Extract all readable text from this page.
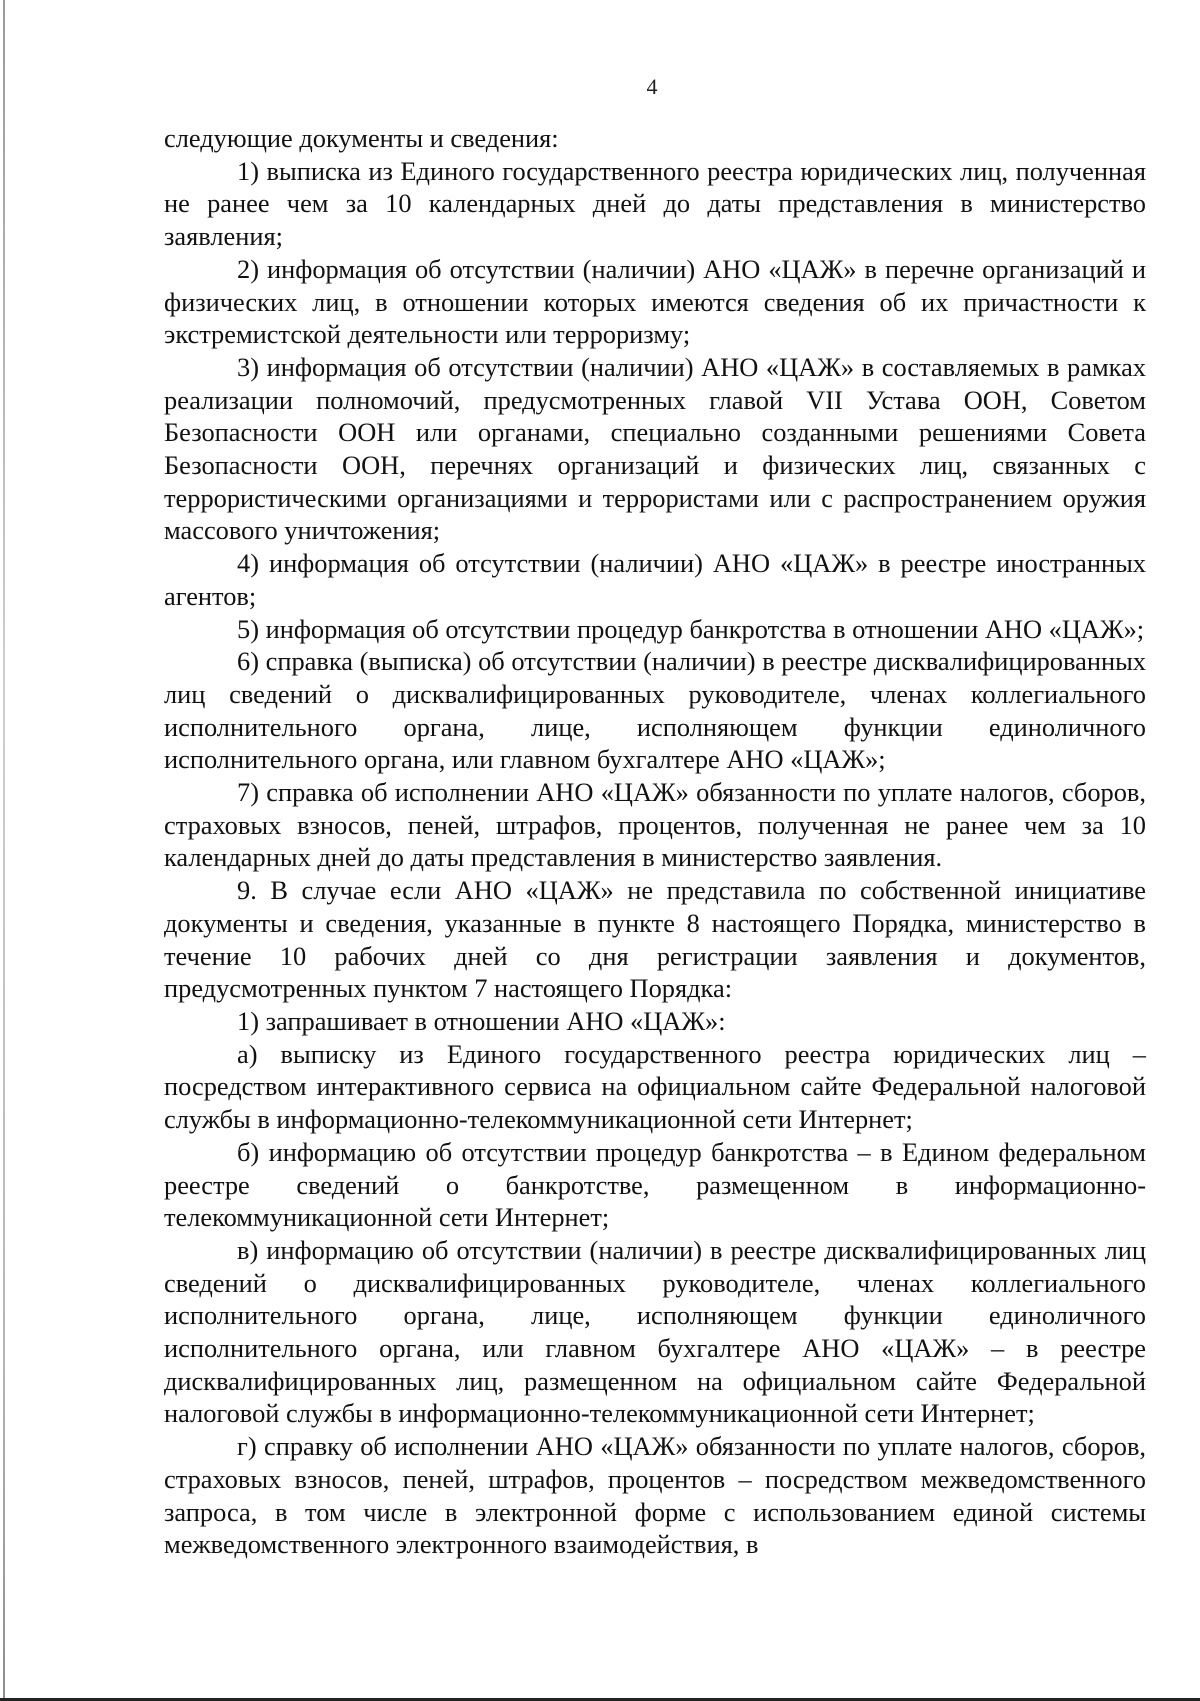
4

следующие документы и сведения:

1) выписка из Единого государственного реестра юридических лиц, полученная не ранее чем за 10 календарных дней до даты представления в министерство заявления;

2) информация об отсутствии (наличии) АНО «ЦАЖ» в перечне организаций и физических лиц, в отношении которых имеются сведения об их причастности к экстремистской деятельности или терроризму;

3) информация об отсутствии (наличии) АНО «ЦАЖ» в составляемых в рамках реализации полномочий, предусмотренных главой VII Устава ООН, Советом Безопасности ООН или органами, специально созданными решениями Совета Безопасности ООН, перечнях организаций и физических лиц, связанных с террористическими организациями и террористами или с распространением оружия массового уничтожения;

4) информация об отсутствии (наличии) АНО «ЦАЖ» в реестре иностранных агентов;

5) информация об отсутствии процедур банкротства в отношении АНО «ЦАЖ»;

6) справка (выписка) об отсутствии (наличии) в реестре дисквалифицированных лиц сведений о дисквалифицированных руководителе, членах коллегиального исполнительного органа, лице, исполняющем функции единоличного исполнительного органа, или главном бухгалтере АНО «ЦАЖ»;

7) справка об исполнении АНО «ЦАЖ» обязанности по уплате налогов, сборов, страховых взносов, пеней, штрафов, процентов, полученная не ранее чем за 10 календарных дней до даты представления в министерство заявления.

9. В случае если АНО «ЦАЖ» не представила по собственной инициативе документы и сведения, указанные в пункте 8 настоящего Порядка, министерство в течение 10 рабочих дней со дня регистрации заявления и документов, предусмотренных пунктом 7 настоящего Порядка:

1) запрашивает в отношении АНО «ЦАЖ»:

а) выписку из Единого государственного реестра юридических лиц – посредством интерактивного сервиса на официальном сайте Федеральной налоговой службы в информационно-телекоммуникационной сети Интернет;

б) информацию об отсутствии процедур банкротства – в Едином федеральном реестре сведений о банкротстве, размещенном в информационно-телекоммуникационной сети Интернет;

в) информацию об отсутствии (наличии) в реестре дисквалифицированных лиц сведений о дисквалифицированных руководителе, членах коллегиального исполнительного органа, лице, исполняющем функции единоличного исполнительного органа, или главном бухгалтере АНО «ЦАЖ» – в реестре дисквалифицированных лиц, размещенном на официальном сайте Федеральной налоговой службы в информационно-телекоммуникационной сети Интернет;

г) справку об исполнении АНО «ЦАЖ» обязанности по уплате налогов, сборов, страховых взносов, пеней, штрафов, процентов – посредством межведомственного запроса, в том числе в электронной форме с использованием единой системы межведомственного электронного взаимодействия, в
